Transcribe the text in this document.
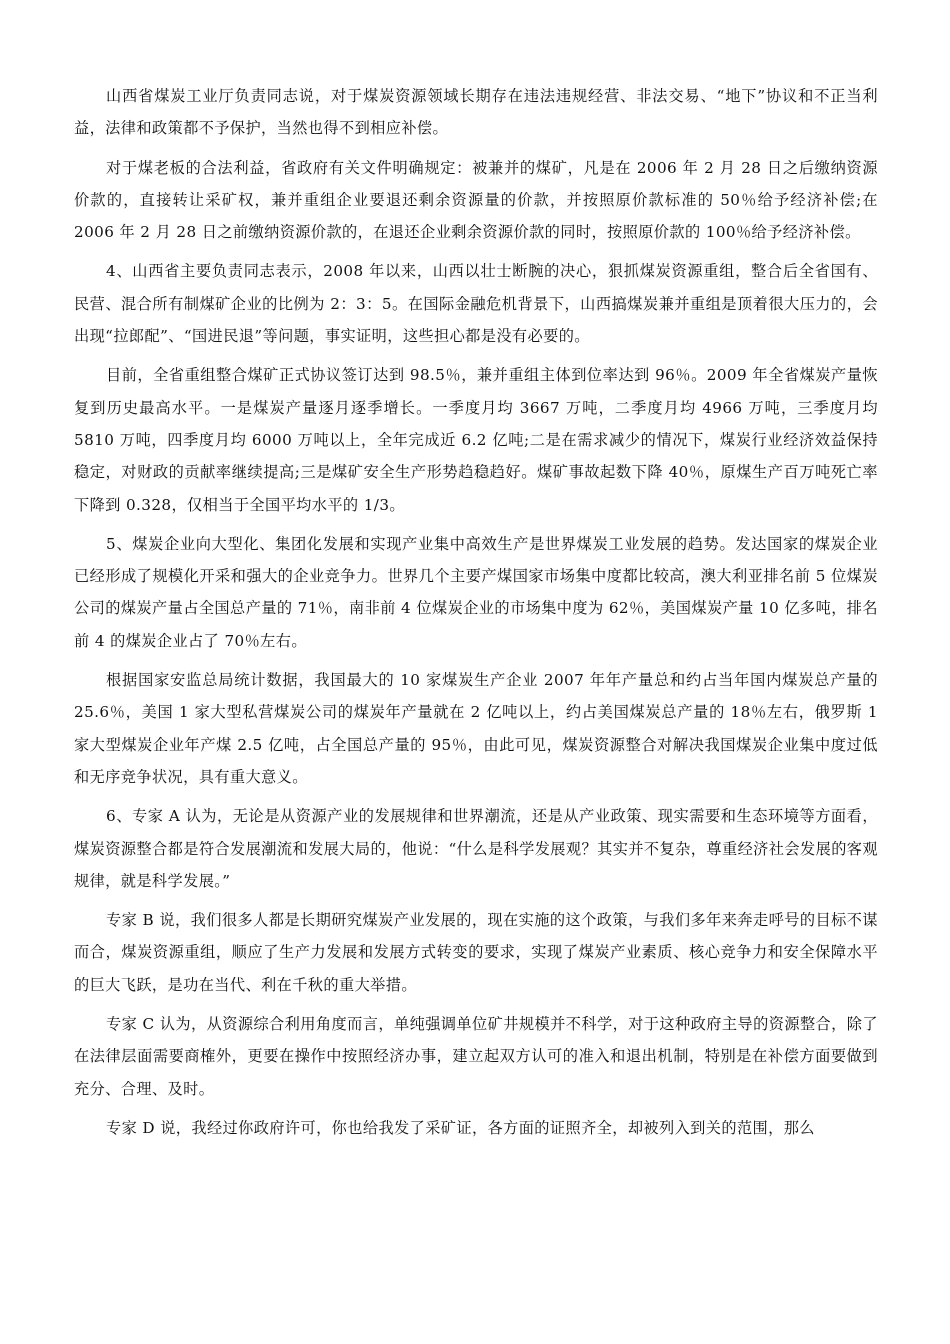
山西省煤炭工业厅负责同志说，对于煤炭资源领域长期存在违法违规经营、非法交易、“地下”协议和不正当利益，法律和政策都不予保护，当然也得不到相应补偿。

对于煤老板的合法利益，省政府有关文件明确规定：被兼并的煤矿，凡是在 2006 年 2 月 28 日之后缴纳资源价款的，直接转让采矿权，兼并重组企业要退还剩余资源量的价款，并按照原价款标准的 50％给予经济补偿;在 2006 年 2 月 28 日之前缴纳资源价款的，在退还企业剩余资源价款的同时，按照原价款的 100％给予经济补偿。

4、山西省主要负责同志表示，2008 年以来，山西以壮士断腕的决心，狠抓煤炭资源重组，整合后全省国有、民营、混合所有制煤矿企业的比例为 2：3：5。在国际金融危机背景下，山西搞煤炭兼并重组是顶着很大压力的，会出现“拉郎配”、“国进民退”等问题，事实证明，这些担心都是没有必要的。

目前，全省重组整合煤矿正式协议签订达到 98.5％，兼并重组主体到位率达到 96％。2009 年全省煤炭产量恢复到历史最高水平。一是煤炭产量逐月逐季增长。一季度月均 3667 万吨，二季度月均 4966 万吨，三季度月均 5810 万吨，四季度月均 6000 万吨以上，全年完成近 6.2 亿吨;二是在需求减少的情况下，煤炭行业经济效益保持稳定，对财政的贡献率继续提高;三是煤矿安全生产形势趋稳趋好。煤矿事故起数下降 40％，原煤生产百万吨死亡率下降到 0.328，仅相当于全国平均水平的 1/3。

5、煤炭企业向大型化、集团化发展和实现产业集中高效生产是世界煤炭工业发展的趋势。发达国家的煤炭企业已经形成了规模化开采和强大的企业竞争力。世界几个主要产煤国家市场集中度都比较高，澳大利亚排名前 5 位煤炭公司的煤炭产量占全国总产量的 71％，南非前 4 位煤炭企业的市场集中度为 62％，美国煤炭产量 10 亿多吨，排名前 4 的煤炭企业占了 70％左右。

根据国家安监总局统计数据，我国最大的 10 家煤炭生产企业 2007 年年产量总和约占当年国内煤炭总产量的 25.6％，美国 1 家大型私营煤炭公司的煤炭年产量就在 2 亿吨以上，约占美国煤炭总产量的 18％左右，俄罗斯 1 家大型煤炭企业年产煤 2.5 亿吨，占全国总产量的 95％，由此可见，煤炭资源整合对解决我国煤炭企业集中度过低和无序竞争状况，具有重大意义。

6、专家 A 认为，无论是从资源产业的发展规律和世界潮流，还是从产业政策、现实需要和生态环境等方面看，煤炭资源整合都是符合发展潮流和发展大局的，他说：“什么是科学发展观？其实并不复杂，尊重经济社会发展的客观规律，就是科学发展。”

专家 B 说，我们很多人都是长期研究煤炭产业发展的，现在实施的这个政策，与我们多年来奔走呼号的目标不谋而合，煤炭资源重组，顺应了生产力发展和发展方式转变的要求，实现了煤炭产业素质、核心竞争力和安全保障水平的巨大飞跃，是功在当代、利在千秋的重大举措。

专家 C 认为，从资源综合利用角度而言，单纯强调单位矿井规模并不科学，对于这种政府主导的资源整合，除了在法律层面需要商榷外，更要在操作中按照经济办事，建立起双方认可的准入和退出机制，特别是在补偿方面要做到充分、合理、及时。

专家 D 说，我经过你政府许可，你也给我发了采矿证，各方面的证照齐全，却被列入到关的范围，那么
